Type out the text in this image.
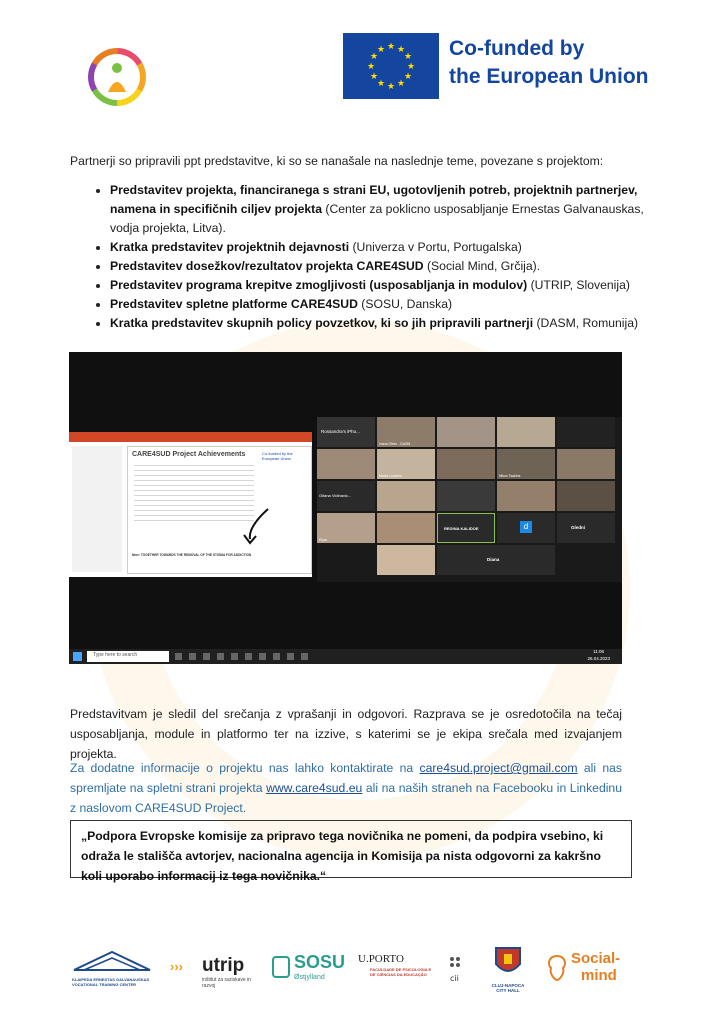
★ ★
★
★
★
★
★
★
★
★
★
★	Co-funded by
the European Union
Partnerji so pripravili ppt predstavitve, ki so se nanašale na naslednje teme, povezane s projektom:
• Predstavitev projekta, financiranega s strani EU, ugotovljenih potreb, projektnih partnerjev, namena in specifičnih ciljev projekta (Center za poklicno usposabljanje Ernestas Galvanauskas, vodja projekta, Litva).
• Kratka predstavitev projektnih dejavnosti (Univerza v Portu, Portugalska)
• Predstavitev dosežkov/rezultatov projekta CARE4SUD (Social Mind, Grčija).
• Predstavitev programa krepitve zmogljivosti (usposabljanja in modulov) (UTRIP, Slovenija)
• Predstavitev spletne platforme CARE4SUD (SOSU, Danska)
• Kratka predstavitev skupnih policy povzetkov, ki so jih pripravili partnerji (DASM, Romunija)
CARE4SUD Project Achievements	Co-funded by the European Union
Nine: TOGETHER TOWARDS THE REMOVAL OF THE STIGMA FOR ADDICTION
Rossandra's iPho...
Ivana Otten - DASM
Marta Loureiro	Nikos Tsakiris
Gitana Vidinavic...
Elyta
REGINA KALIDOE	d	Gledni
Diana
Type here to search
11:06
26.04.2023
Predstavitvam je sledil del srečanja z vprašanji in odgovori. Razprava se je osredotočila na tečaj usposabljanja, module in platformo ter na izzive, s katerimi se je ekipa srečala med izvajanjem projekta.
Za dodatne informacije o projektu nas lahko kontaktirate na care4sud.project@gmail.com ali nas spremljate na spletni strani projekta www.care4sud.eu ali na naših straneh na Facebooku in Linkedinu z naslovom CARE4SUD Project.
„Podpora Evropske komisije za pripravo tega novičnika ne pomeni, da podpira vsebino, ki odraža le stališča avtorjev, nacionalna agencija in Komisija pa nista odgovorni za kakršno koli uporabo informacij iz tega novičnika.“
KLAIPEDA ERNESTAS GALVANAUSKAS
VOCATIONAL TRAINING CENTER
››› utrip
inštitut za raziskave in razvoj
SOSU
Østjylland
U.PORTO
FACULDADE DE PSICOLOGIA E DE CIÊNCIAS DA EDUCAÇÃO	cii
CLUJ-NAPOCA
CITY HALL
Social-
mind
